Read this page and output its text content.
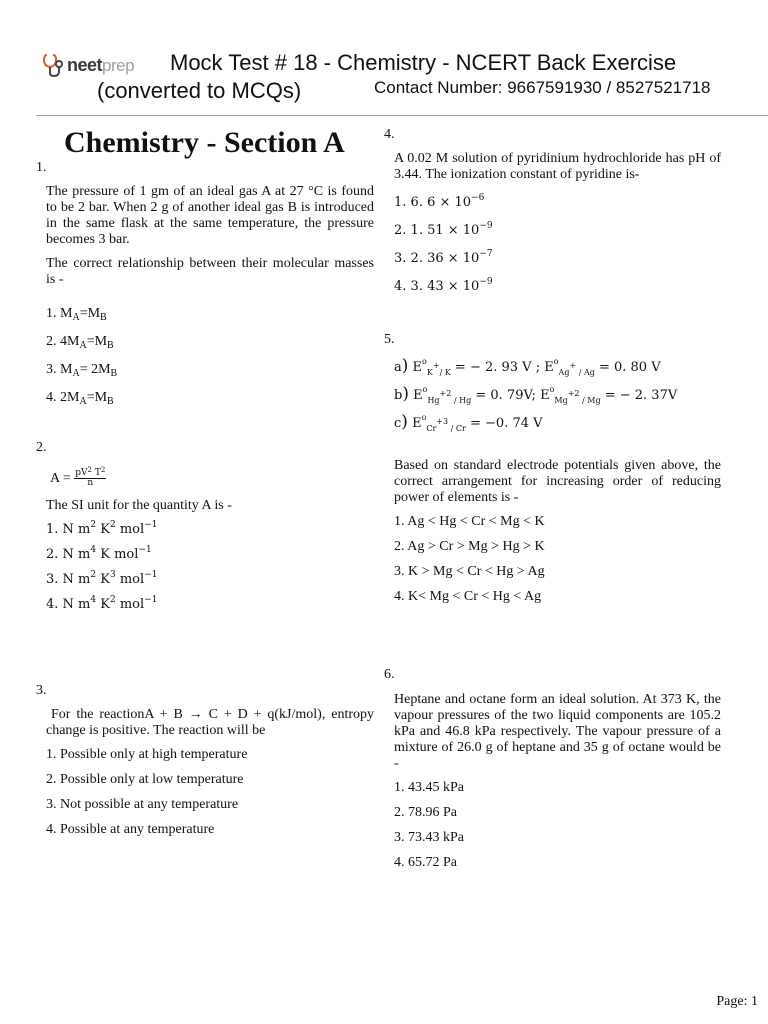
neetprep Mock Test # 18 - Chemistry - NCERT Back Exercise
(converted to MCQs)	Contact Number: 9667591930 / 8527521718
Chemistry - Section A
1.

The pressure of 1 gm of an ideal gas A at 27 °C is found to be 2 bar. When 2 g of another ideal gas B is introduced in the same flask at the same temperature, the pressure becomes 3 bar.

The correct relationship between their molecular masses is -

1. $M_A=M_B$
2. $4M_A=M_B$
3. $M_A= 2M_B$
4. $2M_A=M_B$
2.
$A = \frac{pV^2 T^2}{n}$

The SI unit for the quantity A is -

1. N $m^2$ $K^2$ mol$^{-1}$
2. N $m^4$ K mol$^{-1}$
3. N $m^2$ $K^3$ mol$^{-1}$
4. N $m^4$ $K^2$ mol$^{-1}$
3.

For the reactionA + B → C + D + q(kJ/mol), entropy change is positive. The reaction will be

1. Possible only at high temperature
2. Possible only at low temperature
3. Not possible at any temperature
4. Possible at any temperature
4.

A 0.02 M solution of pyridinium hydrochloride has pH of 3.44. The ionization constant of pyridine is-

1. 6. $6 \times 10^{-6}$
2. 1. $51 \times 10^{-9}$
3. 2. $36 \times 10^{-7}$
4. 3. $43 \times 10^{-9}$
5.
a) $E^o_{K^+/ K}$ = − 2. 93 V ; $E^o_{Ag^+ / Ag} = 0$. 80 V
b) $E^o_{Hg^{+2} / Hg} = 0$. 79V; $E^o_{Mg^{+2} / Mg}$ = − 2. 37V
c) $E^o_{Cr^{+3} / Cr} = -0$. 74 V

Based on standard electrode potentials given above, the correct arrangement for increasing order of reducing power of elements is -

1. Ag < Hg < Cr < Mg < K
2. Ag > Cr > Mg > Hg > K
3. K > Mg < Cr < Hg > Ag
4. K< Mg < Cr < Hg < Ag
6.

Heptane and octane form an ideal solution. At 373 K, the vapour pressures of the two liquid components are 105.2 kPa and 46.8 kPa respectively. The vapour pressure of a mixture of 26.0 g of heptane and 35 g of octane would be -

1. 43.45 kPa
2. 78.96 Pa
3. 73.43 kPa
4. 65.72 Pa
Page: 1
